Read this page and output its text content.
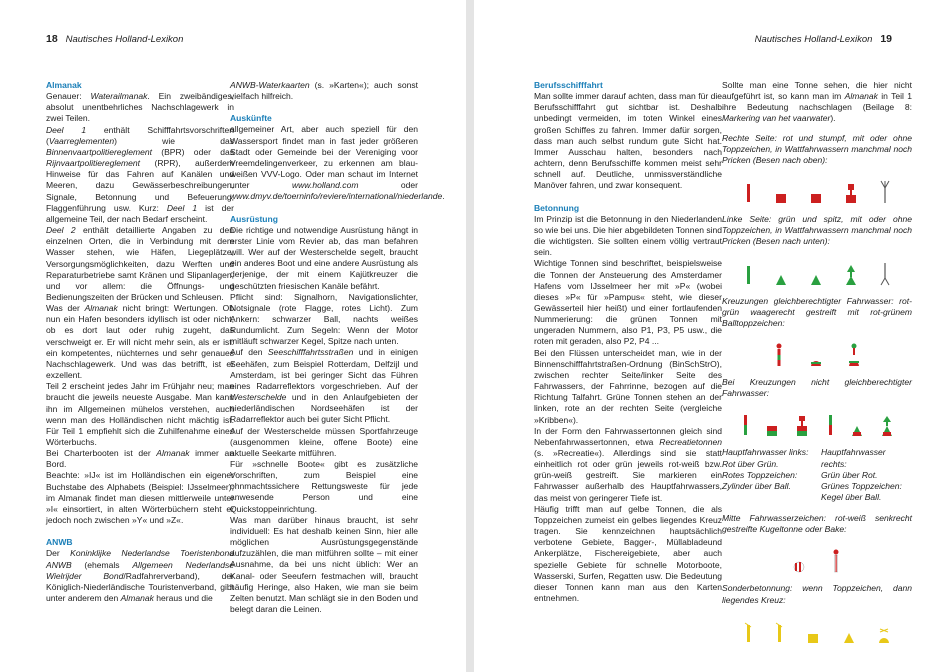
18 Nautisches Holland-Lexikon

Almanak

Genauer: Waterailmanak. Ein zweibändiges, absolut unentbehrliches Nachschlagewerk in zwei Teilen.

Deel 1 enthält Schifffahrtsvorschriften (Vaarreglementen) wie das Binnenvaartpolitiereglement (BPR) oder das Rijnvaartpolitiereglement (RPR), außerdem Hinweise für das Fahren auf Kanälen und Meeren, dazu Gewässerbeschreibungen, Signale, Betonnung und Befeuerung, Flaggenführung usw. Kurz: Deel 1 ist der allgemeine Teil, der nach Bedarf erscheint.

Deel 2 enthält detaillierte Angaben zu den einzelnen Orten, die in Verbindung mit dem Wasser stehen, wie Häfen, Liegeplätze, Versorgungsmöglichkeiten, dazu Werften und Reparaturbetriebe samt Kränen und Slipanlagen, und vor allem: die Öffnungs- und Bedienungszeiten der Brücken und Schleusen.

Was der Almanak nicht bringt: Wertungen. Ob nun ein Hafen besonders idyllisch ist oder nicht, ob es dort laut oder ruhig zugeht, das verschweigt er. Er will nicht mehr sein, als er ist: ein kompetentes, nüchternes und sehr genaues Nachschlagewerk. Und was das betrifft, ist er exzellent.

Teil 2 erscheint jedes Jahr im Frühjahr neu; man braucht die jeweils neueste Ausgabe. Man kann ihn im Allgemeinen mühelos verstehen, auch wenn man des Holländischen nicht mächtig ist. Für Teil 1 empfiehlt sich die Zuhilfenahme eines Wörterbuchs.

Bei Charterbooten ist der Almanak immer an Bord.

Beachte: »IJ« ist im Holländischen ein eigener Buchstabe des Alphabets (Beispiel: IJsselmeer); im Almanak findet man diesen mittlerweile unter »I« einsortiert, in alten Wörterbüchern steht er jedoch noch zwischen »Y« und »Z«.

ANWB

Der Koninklijke Nederlandse Toeristenbond ANWB (ehemals Allgemeen Nederlandse Wielrijder Bond/Radfahrerverband), der Königlich-Niederländische Touristenverband, gibt unter anderem den Almanak heraus und die

ANWB-Waterkaarten (s. »Karten«); auch sonst vielfach hilfreich.

Auskünfte

allgemeiner Art, aber auch speziell für den Wassersport findet man in fast jeder größeren Stadt oder Gemeinde bei der Vereniging voor Vreemdelingenverkeer, zu erkennen am blau-weißen VVV-Logo. Oder man schaut im Internet unter www.holland.com oder www.dmyv.de/toerninfo/reviere/international/niederlande.

Ausrüstung

Die richtige und notwendige Ausrüstung hängt in erster Linie vom Revier ab, das man befahren will. Wer auf der Westerschelde segelt, braucht ein anderes Boot und eine andere Ausrüstung als derjenige, der mit einem Kajütkreuzer die geschützten friesischen Kanäle befährt.

Pflicht sind: Signalhorn, Navigationslichter, Notsignale (rote Flagge, rotes Licht). Zum Ankern: schwarzer Ball, nachts weißes Rundumlicht. Zum Segeln: Wenn der Motor mitläuft schwarzer Kegel, Spitze nach unten.

Auf den Seeschifffahrtsstraßen und in einigen Seehäfen, zum Beispiel Rotterdam, Delfzijl und Amsterdam, ist bei geringer Sicht das Führen eines Radarreflektors vorgeschrieben. Auf der Westerschelde und in den Anlaufgebieten der niederländischen Nordseehäfen ist der Radarreflektor auch bei guter Sicht Pflicht.

Auf der Westerschelde müssen Sportfahrzeuge (ausgenommen kleine, offene Boote) eine aktuelle Seekarte mitführen.

Für »schnelle Boote« gibt es zusätzliche Vorschriften, zum Beispiel eine ohnmachtssichere Rettungsweste für jede anwesende Person und eine Quickstoppeinrichtung.

Was man darüber hinaus braucht, ist sehr individuell: Es hat deshalb keinen Sinn, hier alle möglichen Ausrüstungsgegenstände aufzuzählen, die man mitführen sollte – mit einer Ausnahme, da bei uns nicht üblich: Wer an Kanal- oder Seeufern festmachen will, braucht häufig Heringe, also Haken, wie man sie beim Zelten benutzt. Man schlägt sie in den Boden und belegt daran die Leinen.

Nautisches Holland-Lexikon 19

Berufsschifffahrt

Man sollte immer darauf achten, dass man für die Berufsschifffahrt gut sichtbar ist. Deshalb unbedingt vermeiden, im toten Winkel eines großen Schiffes zu fahren. Immer dafür sorgen, dass man auch selbst rundum gute Sicht hat. Immer Ausschau halten, besonders nach achtern, denn Berufsschiffe kommen meist sehr schnell auf. Deutliche, unmissverständliche Manöver fahren, und zwar konsequent.

Betonnung

Im Prinzip ist die Betonnung in den Niederlanden so wie bei uns. Die hier abgebildeten Tonnen sind die wichtigsten. Sie sollten einem völlig vertraut sein.

Wichtige Tonnen sind beschriftet, beispielsweise die Tonnen der Ansteuerung des Amsterdamer Hafens vom IJsselmeer her mit »P« (wobei dieses »P« für »Pampus« steht, wie dieser Gewässerteil hier heißt) und einer fortlaufenden Nummerierung: die grünen Tonnen mit ungeraden Nummern, also P1, P3, P5 usw., die roten mit geraden, also P2, P4 ...

Bei den Flüssen unterscheidet man, wie in der Binnenschifffahrtstraßen-Ordnung (BinSchStrO), zwischen rechter Seite/linker Seite des Fahrwassers, der Fahrrinne, bezogen auf die Richtung Talfahrt. Grüne Tonnen stehen an der linken, rote an der rechten Seite (vergleiche »Kribben«).

In der Form den Fahrwassertonnen gleich sind Nebenfahrwassertonnen, etwa Recreatietonnen (s. »Recreatie«). Allerdings sind sie statt einheitlich rot oder grün jeweils rot-weiß bzw. grün-weiß gestreift. Sie markieren ein Fahrwasser außerhalb des Hauptfahrwassers, das meist von geringerer Tiefe ist.

Häufig trifft man auf gelbe Tonnen, die als Toppzeichen zumeist ein gelbes liegendes Kreuz tragen. Sie kennzeichnen hauptsächlich verbotene Gebiete, Bagger-, Müllabladeund Ankerplätze, Fischereigebiete, aber auch spezielle Gebiete für schnelle Motorboote, Wasserski, Surfen, Regatten usw. Die Bedeutung dieser Tonnen kann man aus den Karten entnehmen.

Sollte man eine Tonne sehen, die hier nicht aufgeführt ist, so kann man im Almanak in Teil 1 ihre Bedeutung nachschlagen (Beilage 8: Markering van het vaarwater).

Rechte Seite: rot und stumpf, mit oder ohne Toppzeichen, in Wattfahrwassern manchmal noch Pricken (Besen nach oben):

Linke Seite: grün und spitz, mit oder ohne Toppzeichen, in Wattfahrwassern manchmal noch Pricken (Besen nach unten):

Kreuzungen gleichberechtigter Fahrwasser: rot-grün waagerecht gestreift mit rot-grünem Balltoppzeichen:

Bei Kreuzungen nicht gleichberechtigter Fahrwasser:

Hauptfahrwasser links:
Rot über Grün.
Rotes Toppzeichen:
Zylinder über Ball.
Hauptfahrwasser rechts:
Grün über Rot.
Grünes Toppzeichen:
Kegel über Ball.

Mitte Fahrwasserzeichen: rot-weiß senkrecht gestreifte Kugeltonne oder Bake:

Sonderbetonnung: wenn Toppzeichen, dann liegendes Kreuz:
